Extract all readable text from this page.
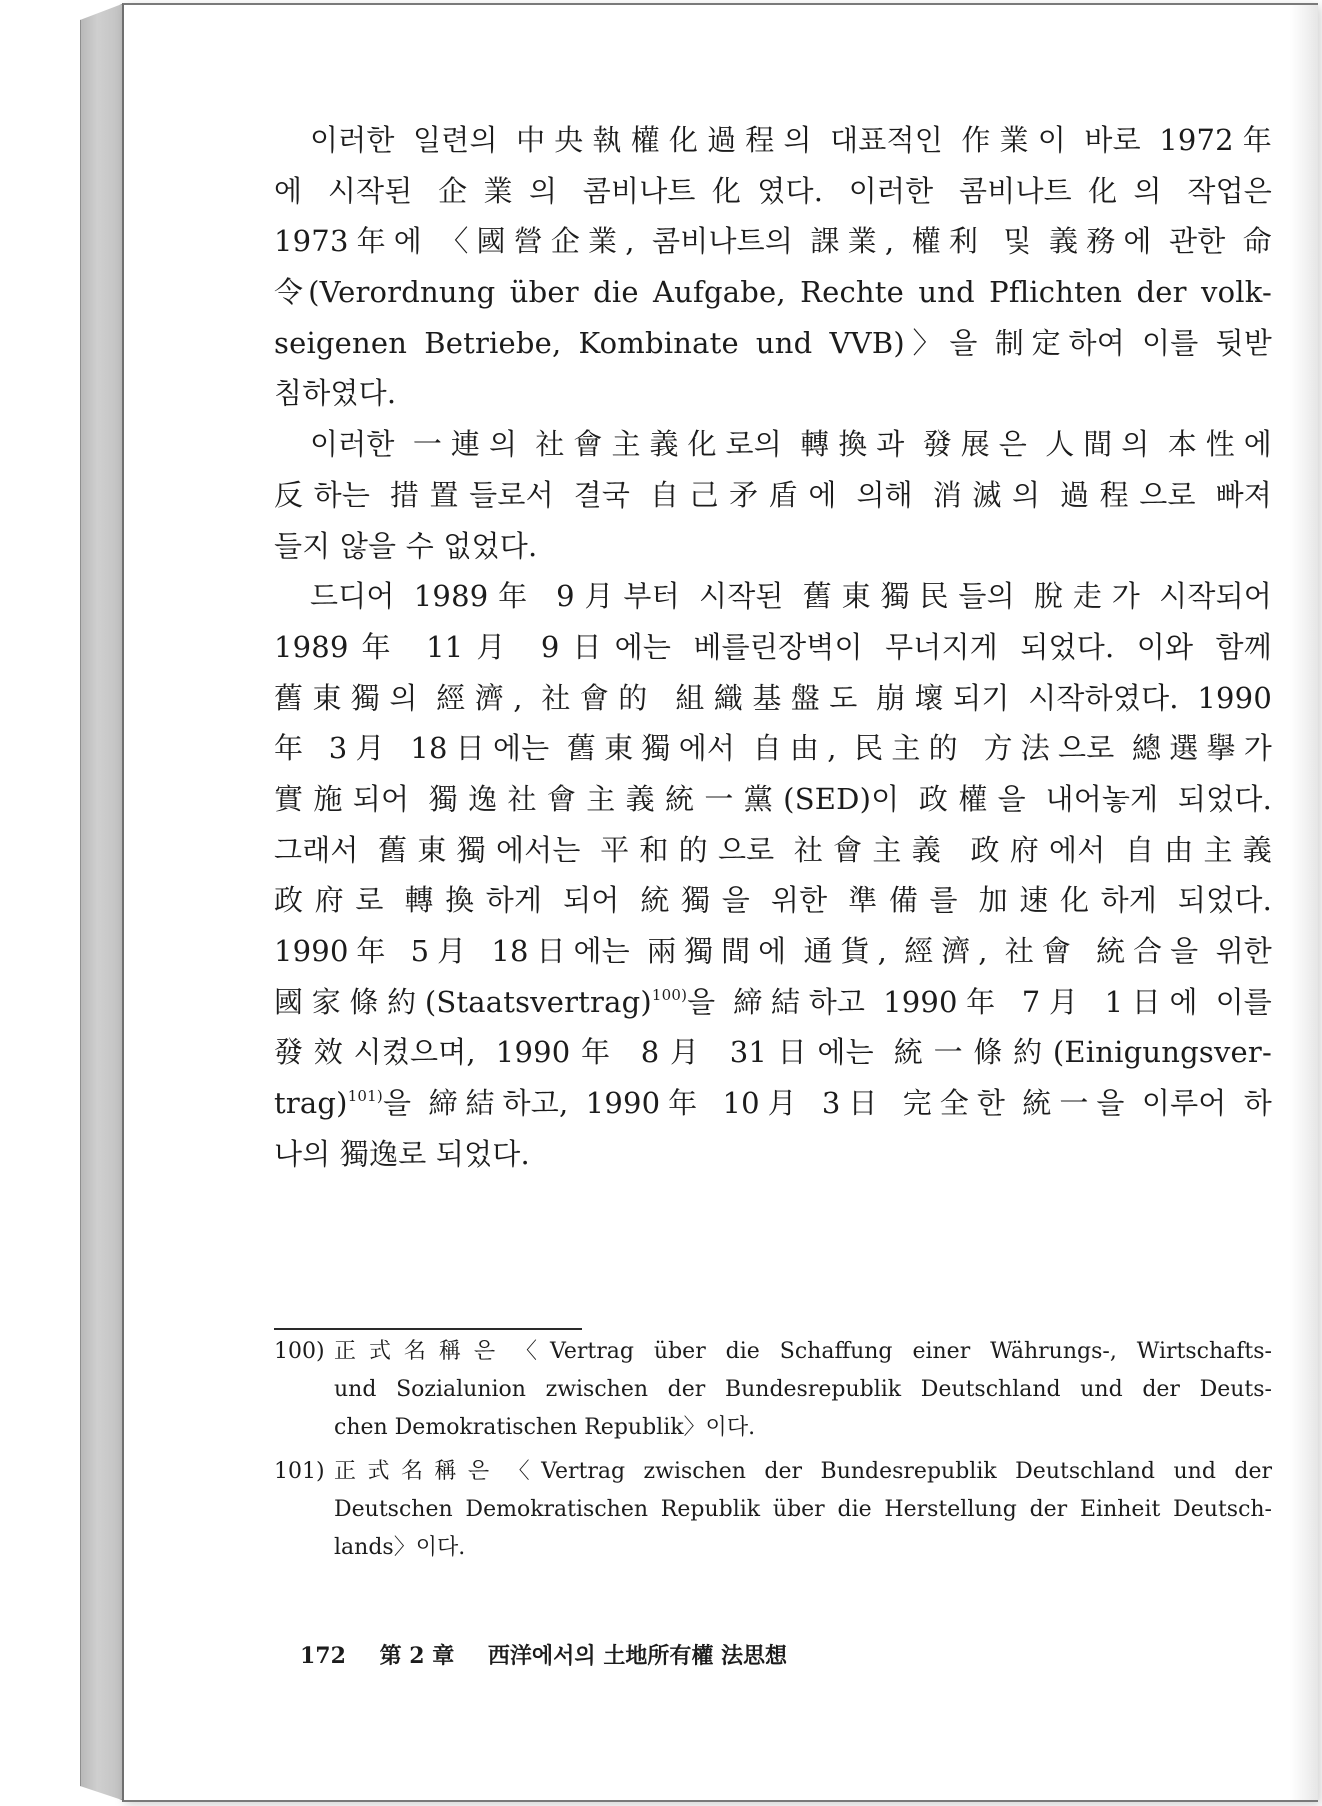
이러한 일련의 中央執權化過程의 대표적인 作業이 바로 1972年
에 시작된 企業의 콤비나트化였다. 이러한 콤비나트化의 작업은
1973年에 〈國營企業, 콤비나트의 課業, 權利 및 義務에 관한 命
令(Verordnung über die Aufgabe, Rechte und Pflichten der volk-
seigenen Betriebe, Kombinate und VVB)〉을 制定하여 이를 뒷받
침하였다.
이러한 一連의 社會主義化로의 轉換과 發展은 人間의 本性에
反하는 措置들로서 결국 自己矛盾에 의해 消滅의 過程으로 빠져
들지 않을 수 없었다.
드디어 1989年 9月부터 시작된 舊東獨民들의 脫走가 시작되어
1989年 11月 9日에는 베를린장벽이 무너지게 되었다. 이와 함께
舊東獨의 經濟, 社會的 組織基盤도 崩壞되기 시작하였다. 1990
年 3月 18日에는 舊東獨에서 自由, 民主的 方法으로 總選擧가
實施되어 獨逸社會主義統一黨(SED)이 政權을 내어놓게 되었다.
그래서 舊東獨에서는 平和的으로 社會主義 政府에서 自由主義
政府로 轉換하게 되어 統獨을 위한 準備를 加速化하게 되었다.
1990年 5月 18日에는 兩獨間에 通貨, 經濟, 社會 統合을 위한
國家條約(Staatsvertrag)$^{100)}$을 締結하고 1990年 7月 1日에 이를
發效시켰으며, 1990年 8月 31日에는 統一條約(Einigungsver-
trag)$^{101)}$을 締結하고, 1990年 10月 3日 完全한 統一을 이루어 하
나의 獨逸로 되었다.
100) 正式名稱은 〈Vertrag über die Schaffung einer Währungs-, Wirtschafts-
und Sozialunion zwischen der Bundesrepublik Deutschland und der Deuts-
chen Demokratischen Republik〉이다.
101) 正式名稱은 〈Vertrag zwischen der Bundesrepublik Deutschland und der
Deutschen Demokratischen Republik über die Herstellung der Einheit Deutsch-
lands〉이다.
172 第 2 章 西洋에서의 土地所有權 法思想
